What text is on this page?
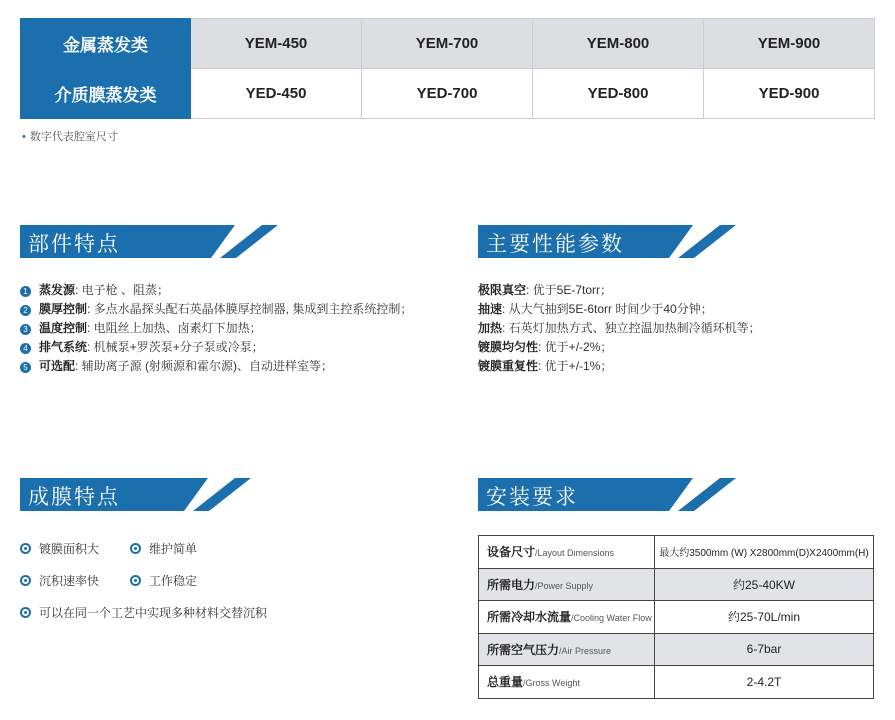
金属蒸发类	YEM-450	YEM-700	YEM-800	YEM-900
介质膜蒸发类	YED-450	YED-700	YED-800	YED-900
• 数字代表腔室尺寸
部件特点	主要性能参数
1 蒸发源: 电子枪 、阻蒸；
2 膜厚控制: 多点水晶探头配石英晶体膜厚控制器, 集成到主控系统控制；
3 温度控制: 电阻丝上加热、卤素灯下加热；
4 排气系统: 机械泵+罗茨泵+分子泵或冷泵；
5 可选配: 辅助离子源 (射频源和霍尔源)、自动进样室等；
极限真空: 优于5E-7torr；
抽速: 从大气抽到5E-6torr 时间少于40分钟；
加热: 石英灯加热方式、独立控温加热制冷循环机等；
镀膜均匀性: 优于+/-2%；
镀膜重复性: 优于+/-1%；
成膜特点	安装要求
镀膜面积大	维护简单
沉积速率快	工作稳定
可以在同一个工艺中实现多种材料交替沉积
设备尺寸/Layout Dimensions	最大约3500mm (W) X2800mm(D)X2400mm(H)
所需电力/Power Supply	约25-40KW
所需冷却水流量/Cooling Water Flow	约25-70L/min
所需空气压力/Air Pressure	6-7bar
总重量/Gross Weight	2-4.2T
